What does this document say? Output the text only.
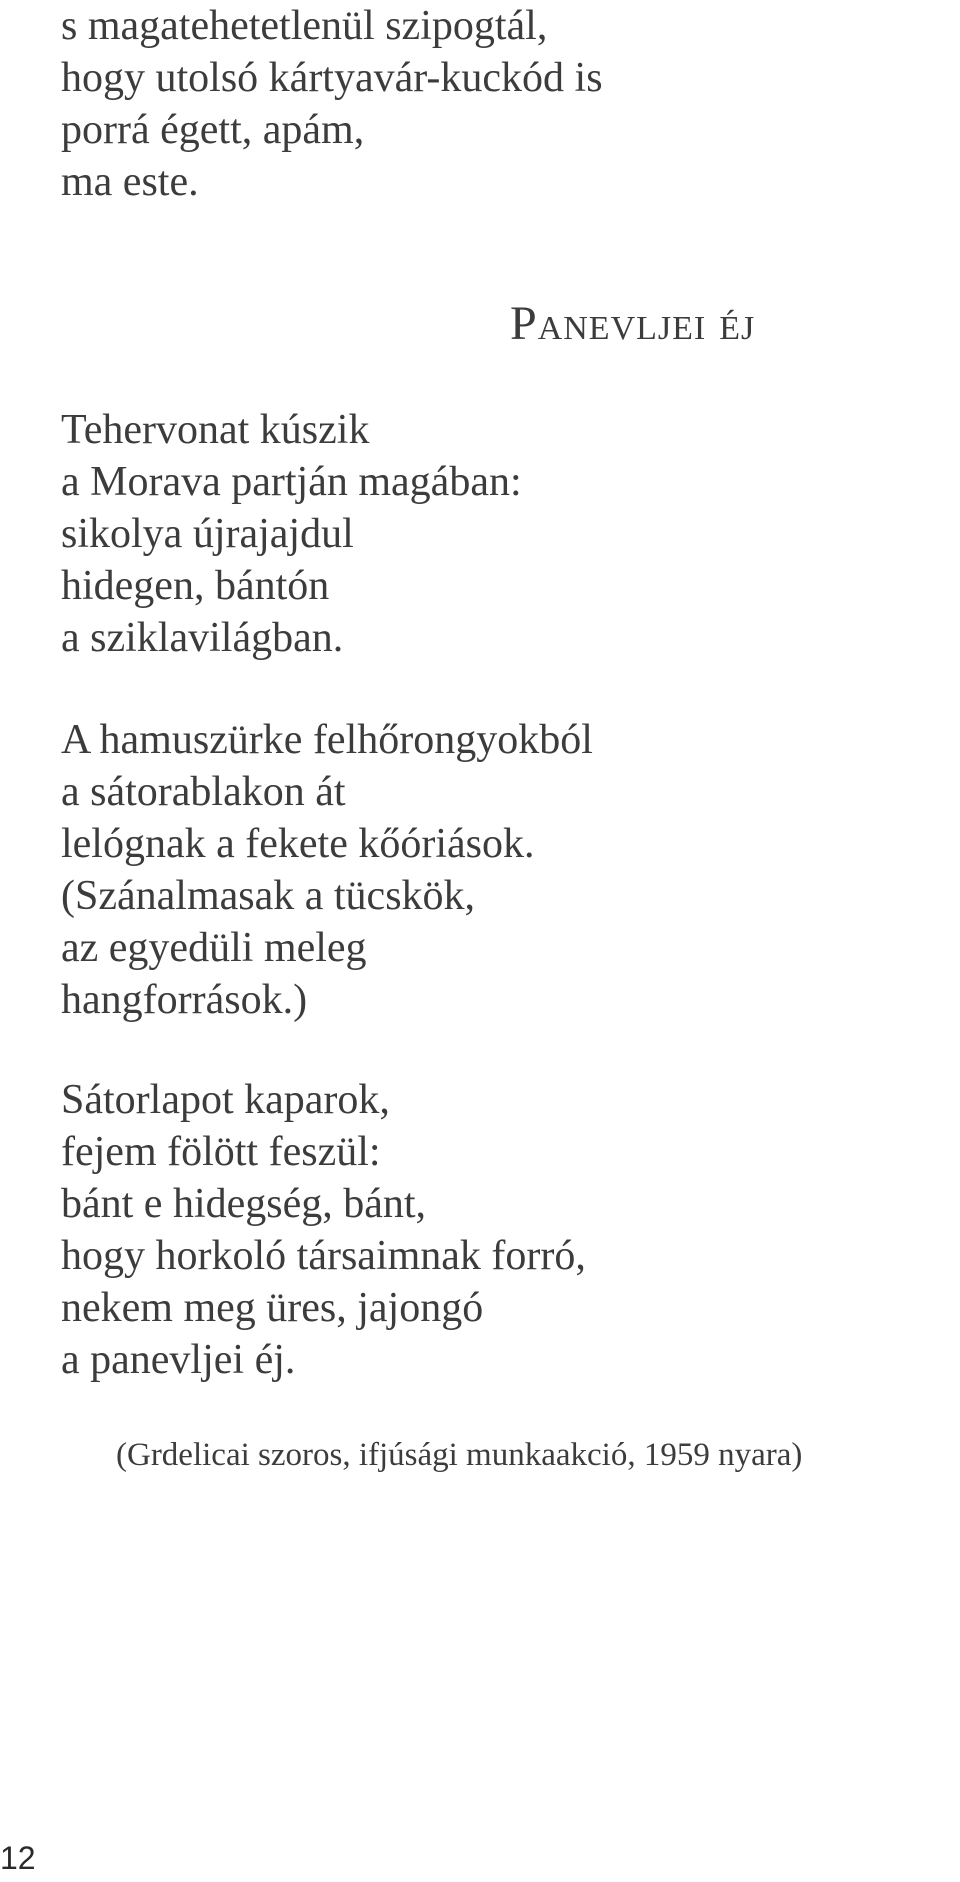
s magatehetetlenül szipogtál,
hogy utolsó kártyavár-kuckód is
porrá égett, apám,
ma este.
Panevljei éj
Tehervonat kúszik
a Morava partján magában:
sikolya újrajajdul
hidegen, bántón
a sziklavilágban.
A hamuszürke felhőrongyokból
a sátorablakon át
lelógnak a fekete kőóriások.
(Szánalmasak a tücskök,
az egyedüli meleg
hangforrások.)
Sátorlapot kaparok,
fejem fölött feszül:
bánt e hidegség, bánt,
hogy horkoló társaimnak forró,
nekem meg üres, jajongó
a panevljei éj.

(Grdelicai szoros, ifjúsági munkaakció, 1959 nyara)

12
